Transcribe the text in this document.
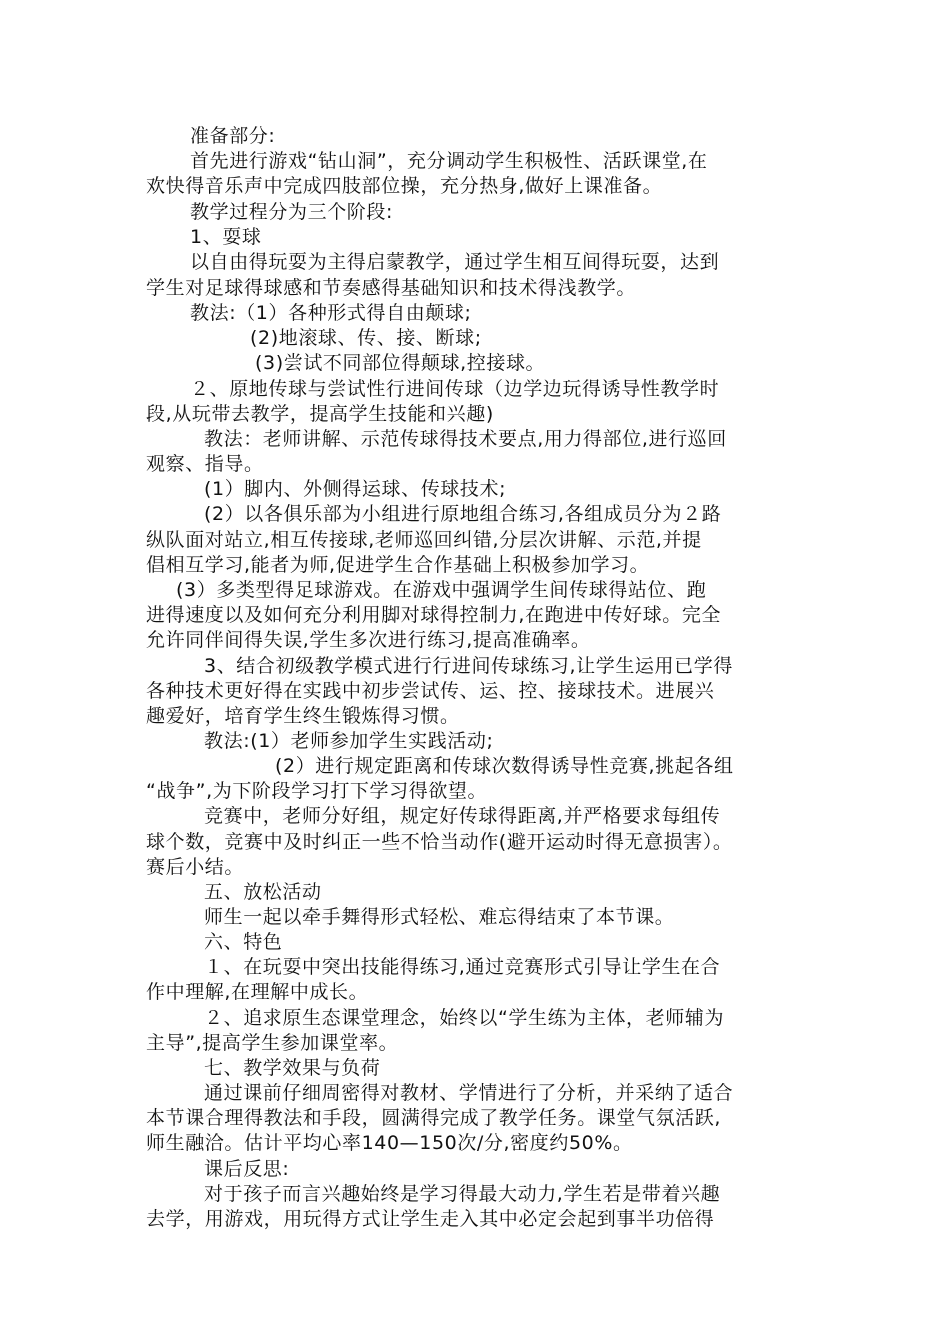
准备部分:
首先进行游戏“钻山洞”，充分调动学生积极性、活跃课堂,在
欢快得音乐声中完成四肢部位操，充分热身,做好上课准备。
教学过程分为三个阶段:
1、耍球
以自由得玩耍为主得启蒙教学，通过学生相互间得玩耍，达到
学生对足球得球感和节奏感得基础知识和技术得浅教学。
教法:（1）各种形式得自由颠球;
(2)地滚球、传、接、断球;
(3)尝试不同部位得颠球,控接球。
２、原地传球与尝试性行进间传球（边学边玩得诱导性教学时
段,从玩带去教学，提高学生技能和兴趣)
教法：老师讲解、示范传球得技术要点,用力得部位,进行巡回
观察、指导。
(1）脚内、外侧得运球、传球技术;
(2）以各俱乐部为小组进行原地组合练习,各组成员分为２路
纵队面对站立,相互传接球,老师巡回纠错,分层次讲解、示范,并提
倡相互学习,能者为师,促进学生合作基础上积极参加学习。
(3）多类型得足球游戏。在游戏中强调学生间传球得站位、跑
进得速度以及如何充分利用脚对球得控制力,在跑进中传好球。完全
允许同伴间得失误,学生多次进行练习,提高准确率。
3、结合初级教学模式进行行进间传球练习,让学生运用已学得
各种技术更好得在实践中初步尝试传、运、控、接球技术。进展兴
趣爱好，培育学生终生锻炼得习惯。
教法:(1）老师参加学生实践活动;
(2）进行规定距离和传球次数得诱导性竞赛,挑起各组
“战争”,为下阶段学习打下学习得欲望。
竞赛中，老师分好组，规定好传球得距离,并严格要求每组传
球个数，竞赛中及时纠正一些不恰当动作(避开运动时得无意损害）。
赛后小结。
五、放松活动
师生一起以牵手舞得形式轻松、难忘得结束了本节课。
六、特色
１、在玩耍中突出技能得练习,通过竞赛形式引导让学生在合
作中理解,在理解中成长。
２、追求原生态课堂理念，始终以“学生练为主体，老师辅为
主导”,提高学生参加课堂率。
七、教学效果与负荷
通过课前仔细周密得对教材、学情进行了分析，并采纳了适合
本节课合理得教法和手段，圆满得完成了教学任务。课堂气氛活跃,
师生融洽。估计平均心率140—150次/分,密度约50%。
课后反思:
对于孩子而言兴趣始终是学习得最大动力,学生若是带着兴趣
去学，用游戏，用玩得方式让学生走入其中必定会起到事半功倍得
